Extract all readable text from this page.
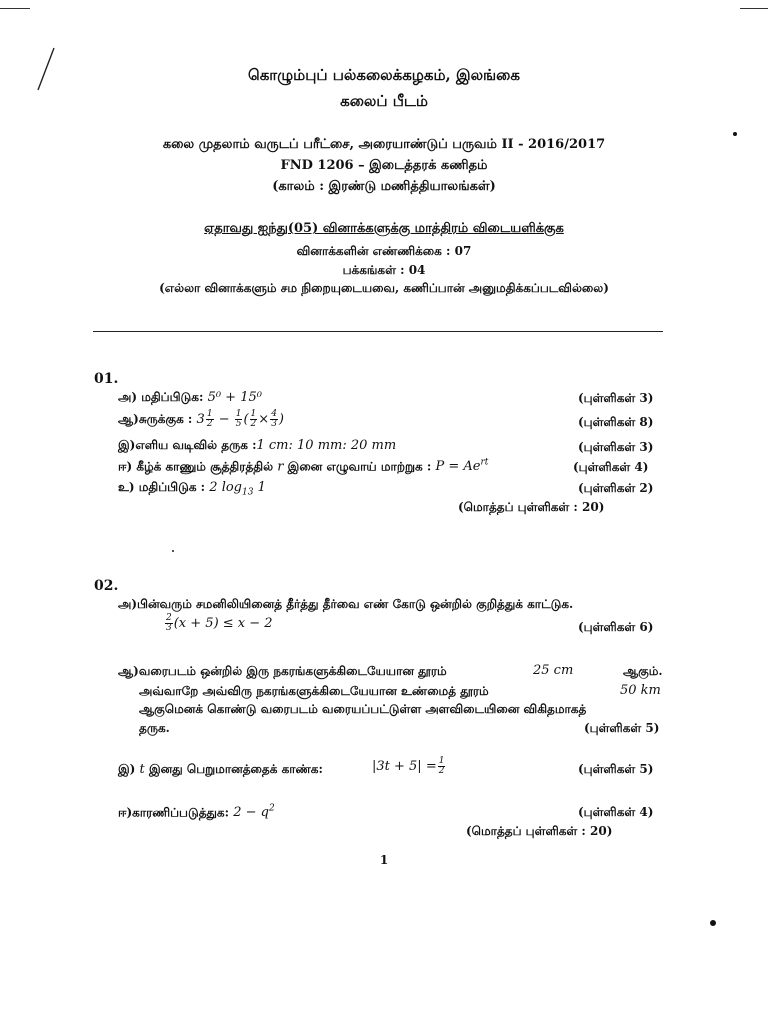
கொழும்புப் பல்கலைக்கழகம், இலங்கை
கலைப் பீடம்
கலை முதலாம் வருடப் பரீட்சை, அரையாண்டுப் பருவம் II - 2016/2017
FND 1206 – இடைத்தரக் கணிதம்
(காலம் : இரண்டு மணித்தியாலங்கள்)
ஏதாவது ஐந்து(05) வினாக்களுக்கு மாத்திரம் விடையளிக்குக
வினாக்களின் எண்ணிக்கை : 07
பக்கங்கள் : 04
(எல்லா வினாக்களும் சம நிறையுடையவை, கணிப்பான் அனுமதிக்கப்படவில்லை)
01.
அ) மதிப்பிடுக: 5⁰ + 15⁰	(புள்ளிகள் 3)
ஆ)சுருக்குக : $3 \frac{1}{2} - \frac{1}{5}$ ( $\frac{1}{2} \times \frac{4}{3}$ )	(புள்ளிகள் 8)
இ)எளிய வடிவில் தருக :1 cm: 10 mm: 20 mm	(புள்ளிகள் 3)
ஈ) கீழ்க் காணும் சூத்திரத்தில் r இனை எழுவாய் மாற்றுக : $P = Ae^{rt}$	(புள்ளிகள் 4)
உ) மதிப்பிடுக : 2 $\log_{13} 1$	(புள்ளிகள் 2)
(மொத்தப் புள்ளிகள் : 20)
02.
அ)பின்வரும் சமனிலியினைத் தீர்த்து தீர்வை எண் கோடு ஒன்றில் குறித்துக் காட்டுக.
$\frac{2}{3} (x + 5) \le x - 2$	(புள்ளிகள் 6)
ஆ)வரைபடம் ஒன்றில் இரு நகரங்களுக்கிடையேயான தூரம்	25 cm	ஆகும்.
அவ்வாறே அவ்விரு நகரங்களுக்கிடையேயான உண்மைத் தூரம்	50 km
ஆகுமெனக் கொண்டு வரைபடம் வரையப்பட்டுள்ள அளவிடையினை விகிதமாகத்
தருக.	(புள்ளிகள் 5)
இ) t இனது பெறுமானத்தைக் காண்க:	$|3t + 5| = \frac{1}{2}$	(புள்ளிகள் 5)
ஈ)காரணிப்படுத்துக: $2 - q^2$	(புள்ளிகள் 4)
(மொத்தப் புள்ளிகள் : 20)
1
